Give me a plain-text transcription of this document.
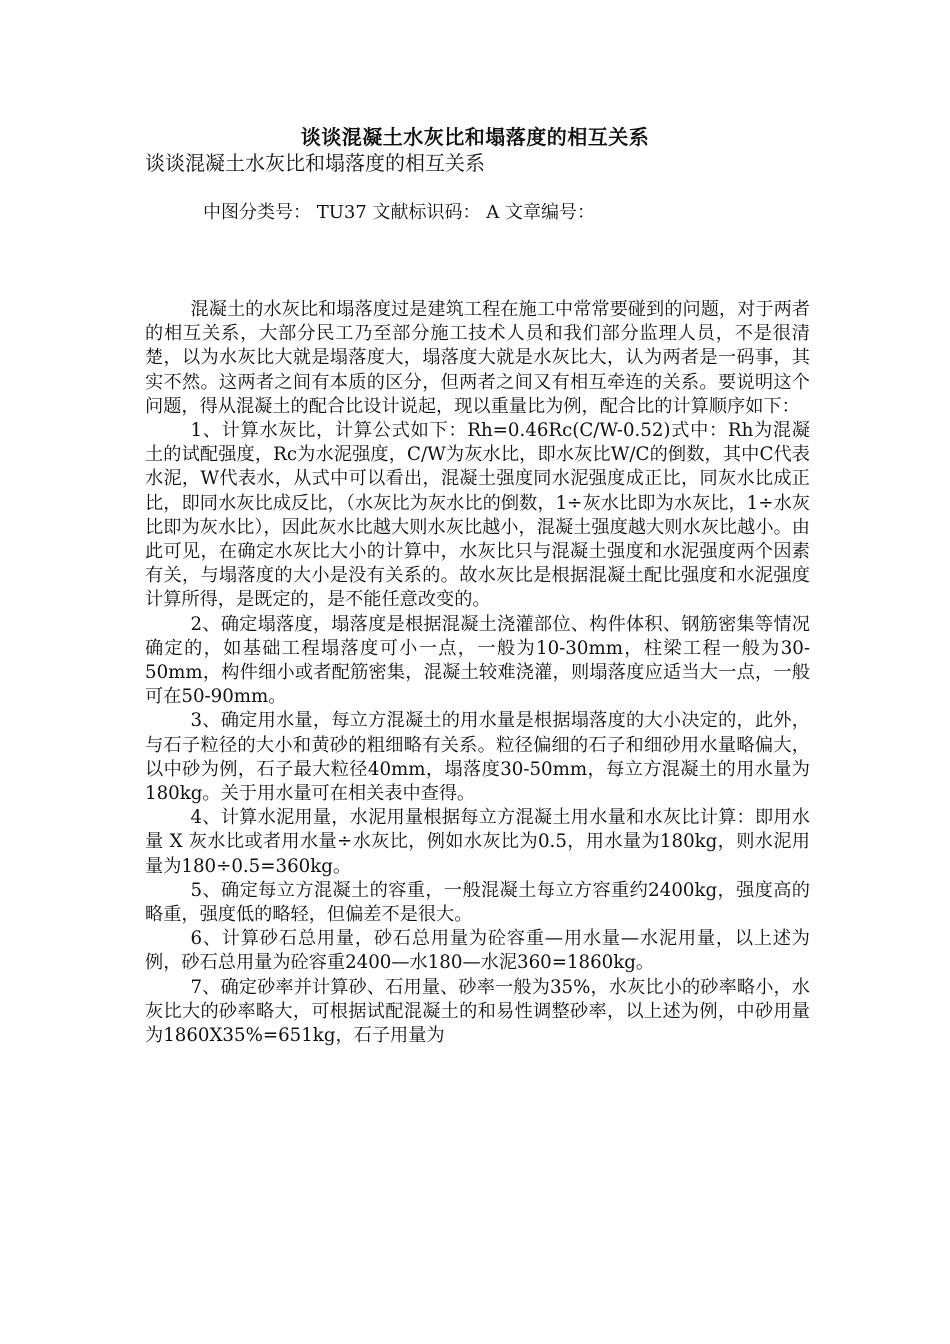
谈谈混凝土水灰比和塌落度的相互关系
谈谈混凝土水灰比和塌落度的相互关系
中图分类号： TU37 文献标识码： A 文章编号：

混凝土的水灰比和塌落度过是建筑工程在施工中常常要碰到的问题，对于两者的相互关系，大部分民工乃至部分施工技术人员和我们部分监理人员，不是很清楚，以为水灰比大就是塌落度大，塌落度大就是水灰比大，认为两者是一码事，其实不然。这两者之间有本质的区分，但两者之间又有相互牵连的关系。要说明这个问题，得从混凝土的配合比设计说起，现以重量比为例，配合比的计算顺序如下：

1、计算水灰比，计算公式如下：Rh=0.46Rc(C/W-0.52)式中：Rh为混凝土的试配强度，Rc为水泥强度，C/W为灰水比，即水灰比W/C的倒数，其中C代表水泥，W代表水，从式中可以看出，混凝土强度同水泥强度成正比，同灰水比成正比，即同水灰比成反比，（水灰比为灰水比的倒数，1÷灰水比即为水灰比，1÷水灰比即为灰水比），因此灰水比越大则水灰比越小，混凝土强度越大则水灰比越小。由此可见，在确定水灰比大小的计算中，水灰比只与混凝土强度和水泥强度两个因素有关，与塌落度的大小是没有关系的。故水灰比是根据混凝土配比强度和水泥强度计算所得，是既定的，是不能任意改变的。

2、确定塌落度，塌落度是根据混凝土浇灌部位、构件体积、钢筋密集等情况确定的，如基础工程塌落度可小一点，一般为10-30mm，柱梁工程一般为30-50mm，构件细小或者配筋密集，混凝土较难浇灌，则塌落度应适当大一点，一般可在50-90mm。

3、确定用水量，每立方混凝土的用水量是根据塌落度的大小决定的，此外，与石子粒径的大小和黄砂的粗细略有关系。粒径偏细的石子和细砂用水量略偏大，以中砂为例，石子最大粒径40mm，塌落度30-50mm，每立方混凝土的用水量为180kg。关于用水量可在相关表中查得。

4、计算水泥用量，水泥用量根据每立方混凝土用水量和水灰比计算：即用水量 X 灰水比或者用水量÷水灰比，例如水灰比为0.5，用水量为180kg，则水泥用量为180÷0.5=360kg。

5、确定每立方混凝土的容重，一般混凝土每立方容重约2400kg，强度高的略重，强度低的略轻，但偏差不是很大。

6、计算砂石总用量，砂石总用量为砼容重—用水量—水泥用量，以上述为例，砂石总用量为砼容重2400—水180—水泥360=1860kg。

7、确定砂率并计算砂、石用量、砂率一般为35%，水灰比小的砂率略小，水灰比大的砂率略大，可根据试配混凝土的和易性调整砂率，以上述为例，中砂用量为1860X35%=651kg，石子用量为
